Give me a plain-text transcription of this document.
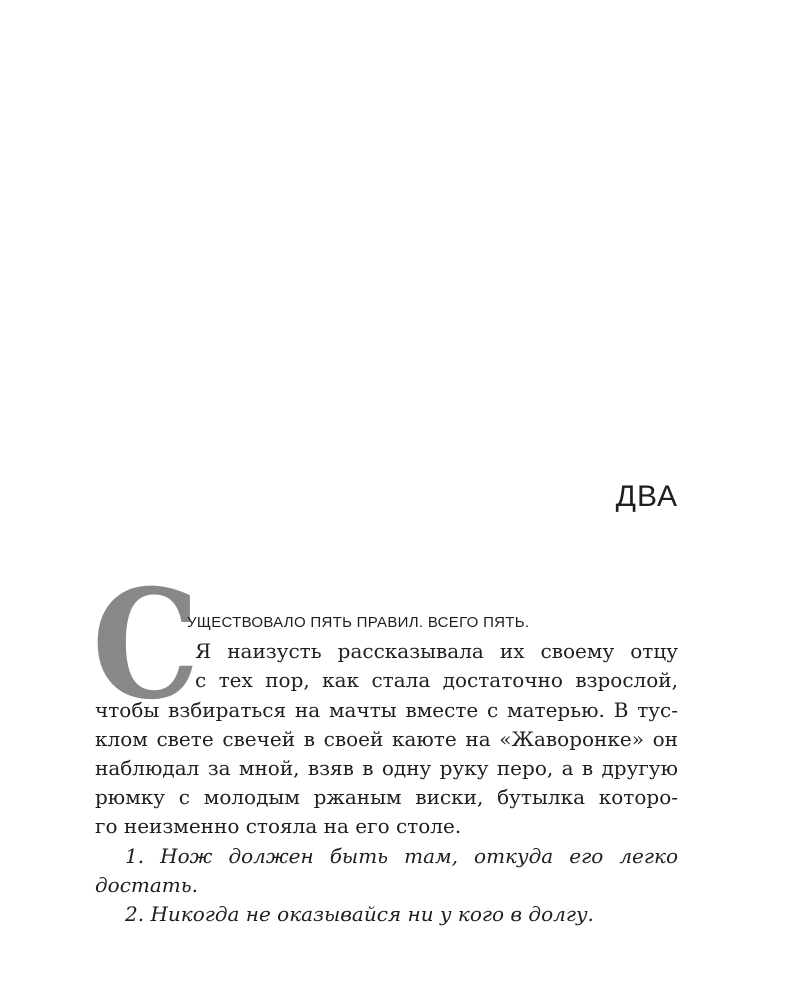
ДВА
С
УЩЕСТВОВАЛО ПЯТЬ ПРАВИЛ. ВСЕГО ПЯТЬ.
Я наизусть рассказывала их своему отцу
с тех пор, как стала достаточно взрослой,
чтобы взбираться на мачты вместе с матерью. В тус-
клом свете свечей в своей каюте на «Жаворонке» он
наблюдал за мной, взяв в одну руку перо, а в другую
рюмку с молодым ржаным виски, бутылка которо-
го неизменно стояла на его столе.
1. Нож должен быть там, откуда его легко
достать.
2. Никогда не оказывайся ни у кого в долгу.
